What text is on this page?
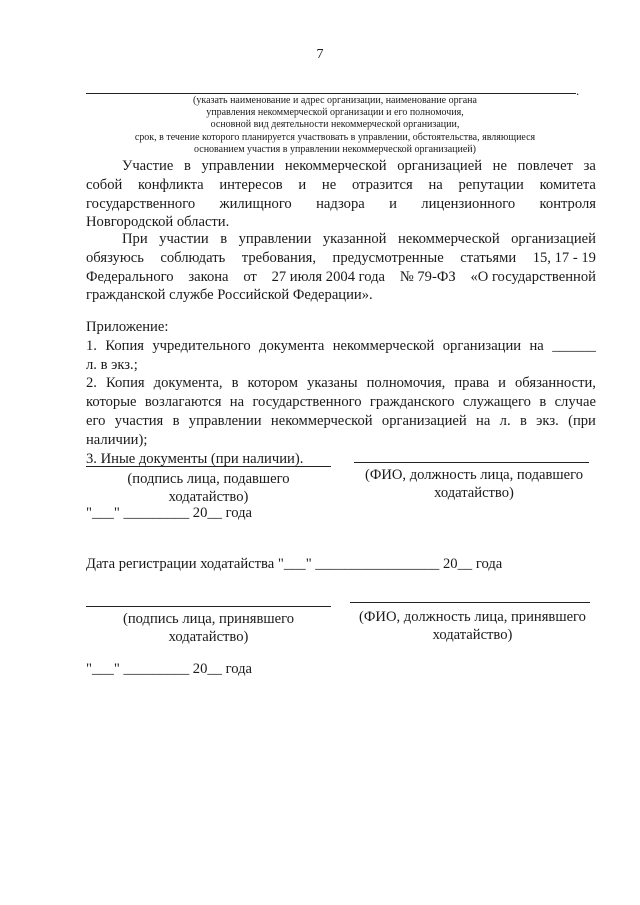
7
.
(указать наименование и адрес организации, наименование органа
управления некоммерческой организации и его полномочия,
основной вид деятельности некоммерческой организации,
срок, в течение которого планируется участвовать в управлении, обстоятельства, являющиеся
основанием участия в управлении некоммерческой организацией)
Участие в управлении некоммерческой организацией не повлечет за
собой конфликта интересов и не отразится на репутации комитета
государственного жилищного надзора и лицензионного контроля
Новгородской области.
При участии в управлении указанной некоммерческой организацией
обязуюсь соблюдать требования, предусмотренные статьями 15, 17 - 19
Федерального закона от 27 июля 2004 года № 79-ФЗ «О государственной
гражданской службе Российской Федерации».
Приложение:
1. Копия учредительного документа некоммерческой организации на ______
л. в экз.;
2. Копия документа, в котором указаны полномочия, права и обязанности,
которые возлагаются на государственного гражданского служащего в случае
его участия в управлении некоммерческой организацией на л. в экз. (при
наличии);
3. Иные документы (при наличии).
(подпись лица, подавшего
ходатайство)
(ФИО, должность лица, подавшего
ходатайство)
"___" _________ 20__ года
Дата регистрации ходатайства "___" _________________ 20__ года
(подпись лица, принявшего
ходатайство)
(ФИО, должность лица, принявшего
ходатайство)
"___" _________ 20__ года
